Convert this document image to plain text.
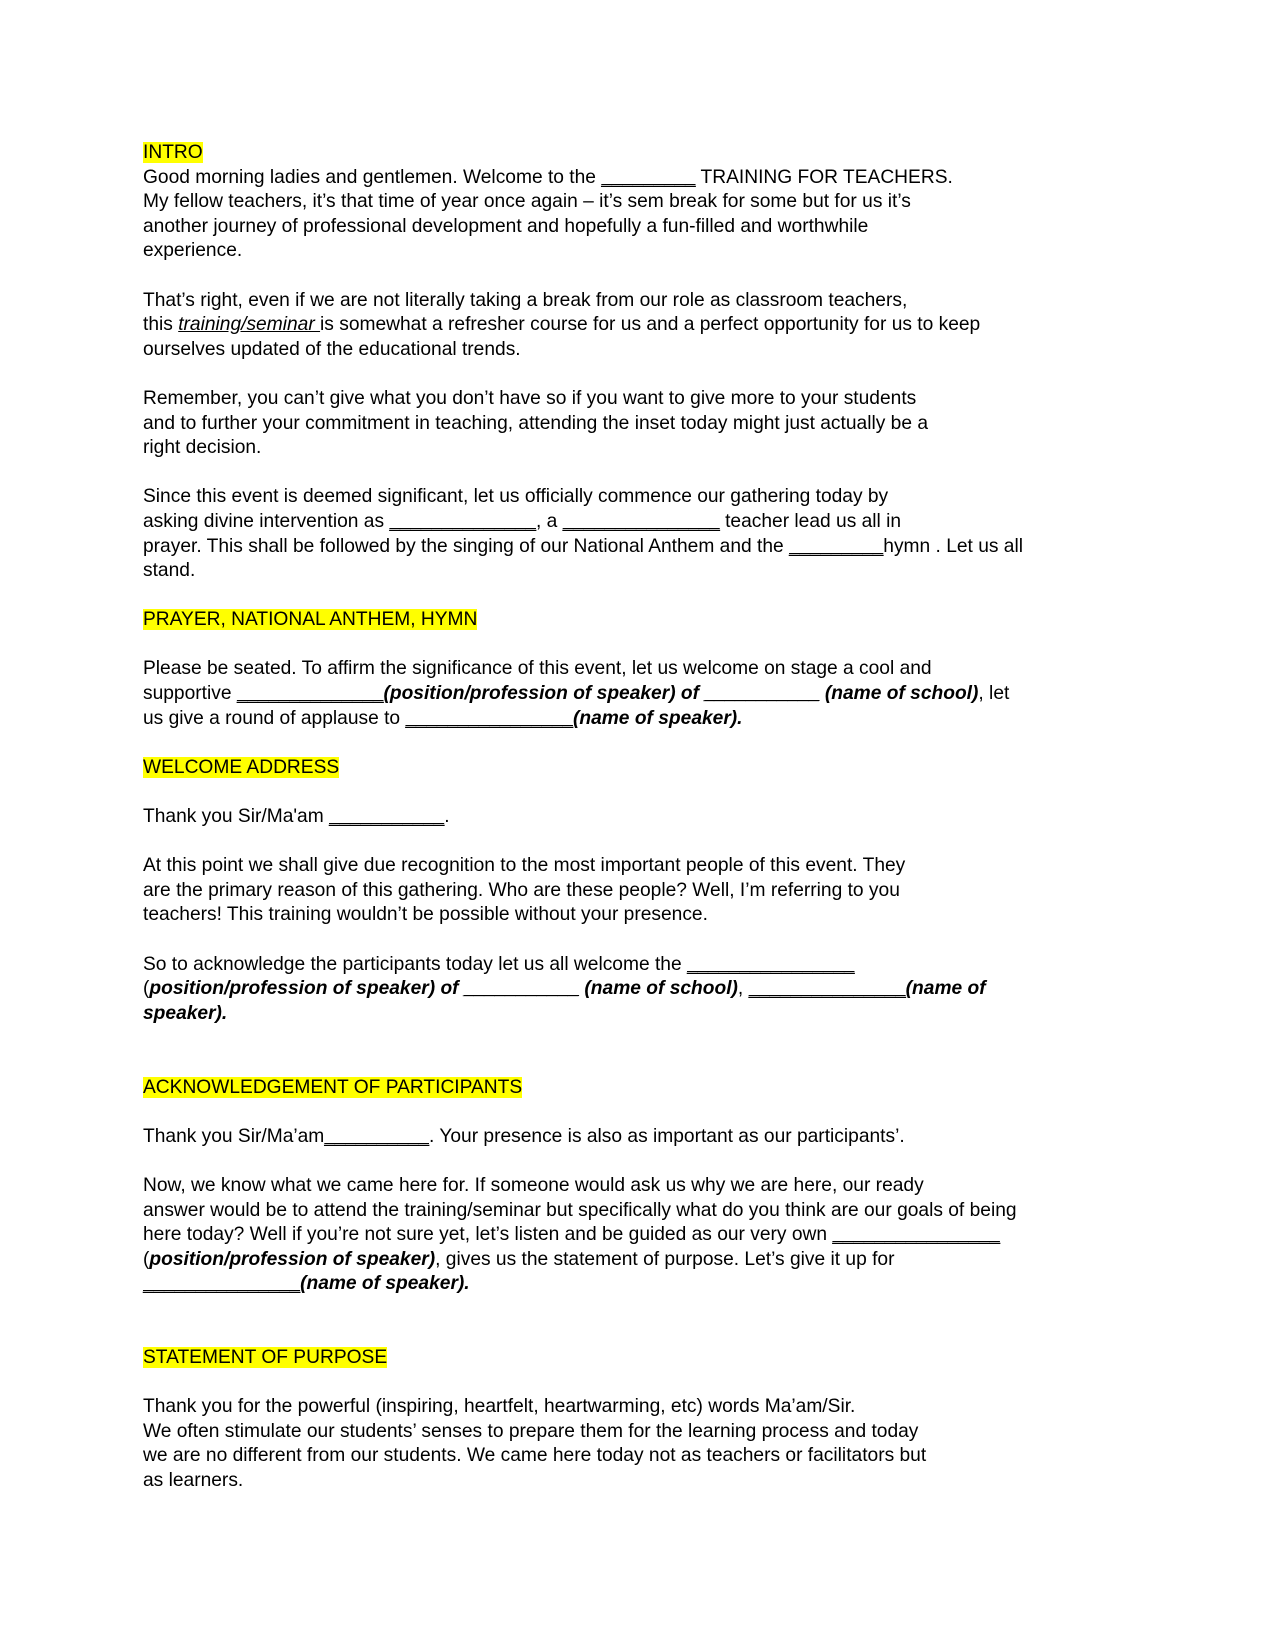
INTRO

Good morning ladies and gentlemen. Welcome to the _________ TRAINING FOR TEACHERS.
My fellow teachers, it’s that time of year once again – it’s sem break for some but for us it’s
another journey of professional development and hopefully a fun-filled and worthwhile
experience.

That’s right, even if we are not literally taking a break from our role as classroom teachers,
this training/seminar is somewhat a refresher course for us and a perfect opportunity for us to keep
ourselves updated of the educational trends.

Remember, you can’t give what you don’t have so if you want to give more to your students
and to further your commitment in teaching, attending the inset today might just actually be a
right decision.

Since this event is deemed significant, let us officially commence our gathering today by
asking divine intervention as ______________, a _______________ teacher lead us all in
prayer. This shall be followed by the singing of our National Anthem and the _________hymn . Let us all
stand.

PRAYER, NATIONAL ANTHEM, HYMN

Please be seated. To affirm the significance of this event, let us welcome on stage a cool and
supportive ______________(position/profession of speaker) of ___________ (name of school), let
us give a round of applause to ________________(name of speaker).

WELCOME ADDRESS

Thank you Sir/Ma'am ___________.

At this point we shall give due recognition to the most important people of this event. They
are the primary reason of this gathering. Who are these people? Well, I’m referring to you
teachers! This training wouldn’t be possible without your presence.

So to acknowledge the participants today let us all welcome the ________________
(position/profession of speaker) of ___________ (name of school), _______________(name of
speaker).

ACKNOWLEDGEMENT OF PARTICIPANTS

Thank you Sir/Ma’am__________. Your presence is also as important as our participants’.

Now, we know what we came here for. If someone would ask us why we are here, our ready
answer would be to attend the training/seminar but specifically what do you think are our goals of being
here today? Well if you’re not sure yet, let’s listen and be guided as our very own ________________
(position/profession of speaker), gives us the statement of purpose. Let’s give it up for
_______________(name of speaker).

STATEMENT OF PURPOSE

Thank you for the powerful (inspiring, heartfelt, heartwarming, etc) words Ma’am/Sir.
We often stimulate our students’ senses to prepare them for the learning process and today
we are no different from our students. We came here today not as teachers or facilitators but
as learners.
